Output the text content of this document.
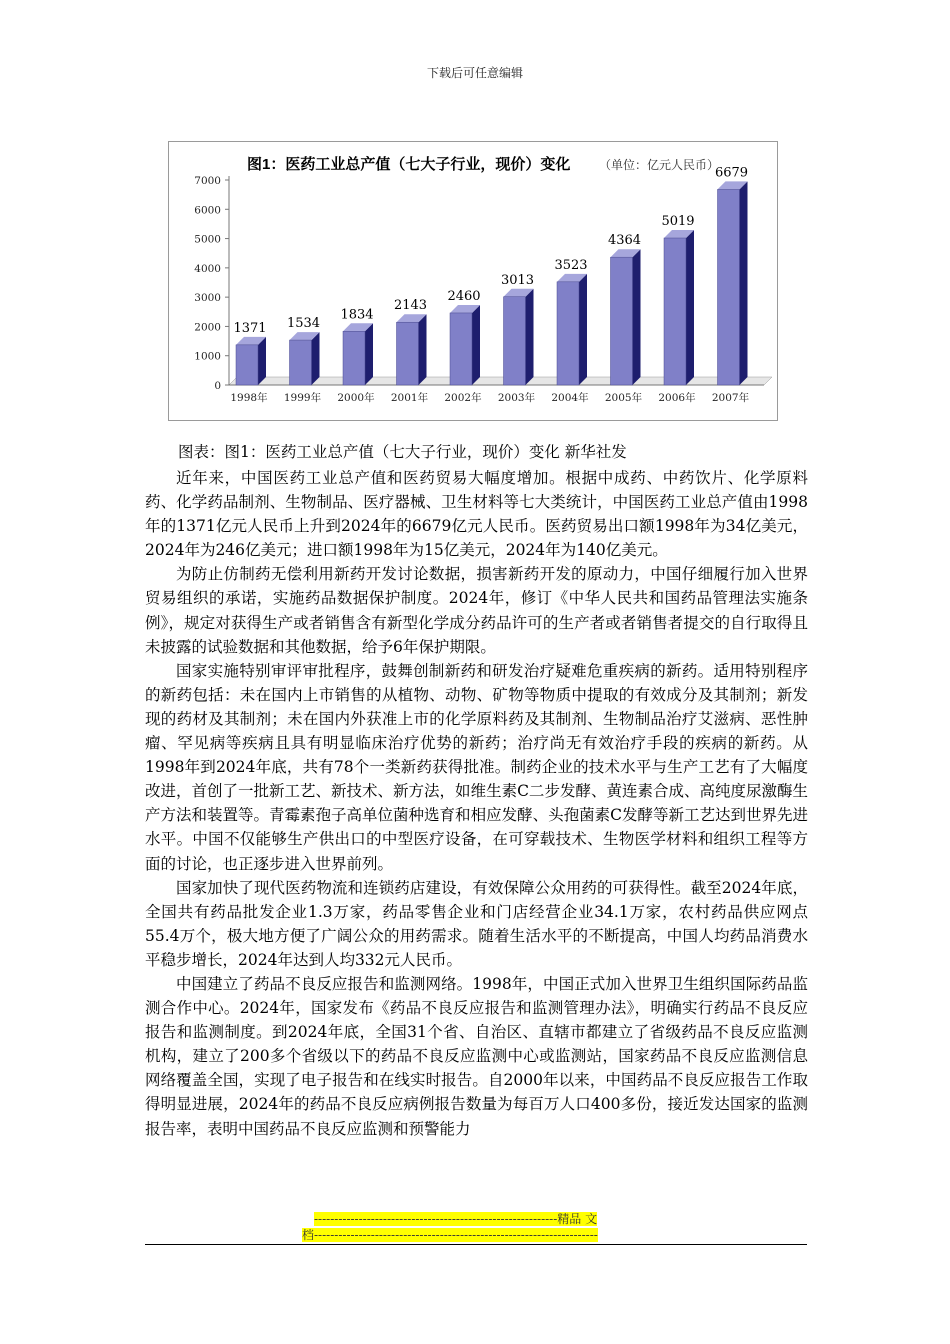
下载后可任意编辑
图1：医药工业总产值（七大子行业，现价）变化 （单位：亿元人民币）
0
1000
2000
3000
4000
5000
6000
7000
1371
1998年
1534
1999年
1834
2000年
2143
2001年
2460
2002年
3013
2003年
3523
2004年
4364
2005年
5019
2006年
6679
2007年
图表：图1：医药工业总产值（七大子行业，现价）变化 新华社发

近年来，中国医药工业总产值和医药贸易大幅度增加。根据中成药、中药饮片、化学原料药、化学药品制剂、生物制品、医疗器械、卫生材料等七大类统计，中国医药工业总产值由1998年的1371亿元人民币上升到2024年的6679亿元人民币。医药贸易出口额1998年为34亿美元，2024年为246亿美元；进口额1998年为15亿美元，2024年为140亿美元。

为防止仿制药无偿利用新药开发讨论数据，损害新药开发的原动力，中国仔细履行加入世界贸易组织的承诺，实施药品数据保护制度。2024年，修订《中华人民共和国药品管理法实施条例》，规定对获得生产或者销售含有新型化学成分药品许可的生产者或者销售者提交的自行取得且未披露的试验数据和其他数据，给予6年保护期限。

国家实施特别审评审批程序，鼓舞创制新药和研发治疗疑难危重疾病的新药。适用特别程序的新药包括：未在国内上市销售的从植物、动物、矿物等物质中提取的有效成分及其制剂；新发现的药材及其制剂；未在国内外获准上市的化学原料药及其制剂、生物制品治疗艾滋病、恶性肿瘤、罕见病等疾病且具有明显临床治疗优势的新药；治疗尚无有效治疗手段的疾病的新药。从1998年到2024年底，共有78个一类新药获得批准。制药企业的技术水平与生产工艺有了大幅度改进，首创了一批新工艺、新技术、新方法，如维生素C二步发酵、黄连素合成、高纯度尿激酶生产方法和装置等。青霉素孢子高单位菌种选育和相应发酵、头孢菌素C发酵等新工艺达到世界先进水平。中国不仅能够生产供出口的中型医疗设备，在可穿载技术、生物医学材料和组织工程等方面的讨论，也正逐步进入世界前列。

国家加快了现代医药物流和连锁药店建设，有效保障公众用药的可获得性。截至2024年底，全国共有药品批发企业1.3万家，药品零售企业和门店经营企业34.1万家，农村药品供应网点55.4万个，极大地方便了广阔公众的用药需求。随着生活水平的不断提高，中国人均药品消费水平稳步增长，2024年达到人均332元人民币。

中国建立了药品不良反应报告和监测网络。1998年，中国正式加入世界卫生组织国际药品监测合作中心。2024年，国家发布《药品不良反应报告和监测管理办法》，明确实行药品不良反应报告和监测制度。到2024年底，全国31个省、自治区、直辖市都建立了省级药品不良反应监测机构，建立了200多个省级以下的药品不良反应监测中心或监测站，国家药品不良反应监测信息网络覆盖全国，实现了电子报告和在线实时报告。自2000年以来，中国药品不良反应报告工作取得明显进展，2024年的药品不良反应病例报告数量为每百万人口400多份，接近发达国家的监测报告率，表明中国药品不良反应监测和预警能力

------------------------------------------------------------精品 文
档----------------------------------------------------------------------
